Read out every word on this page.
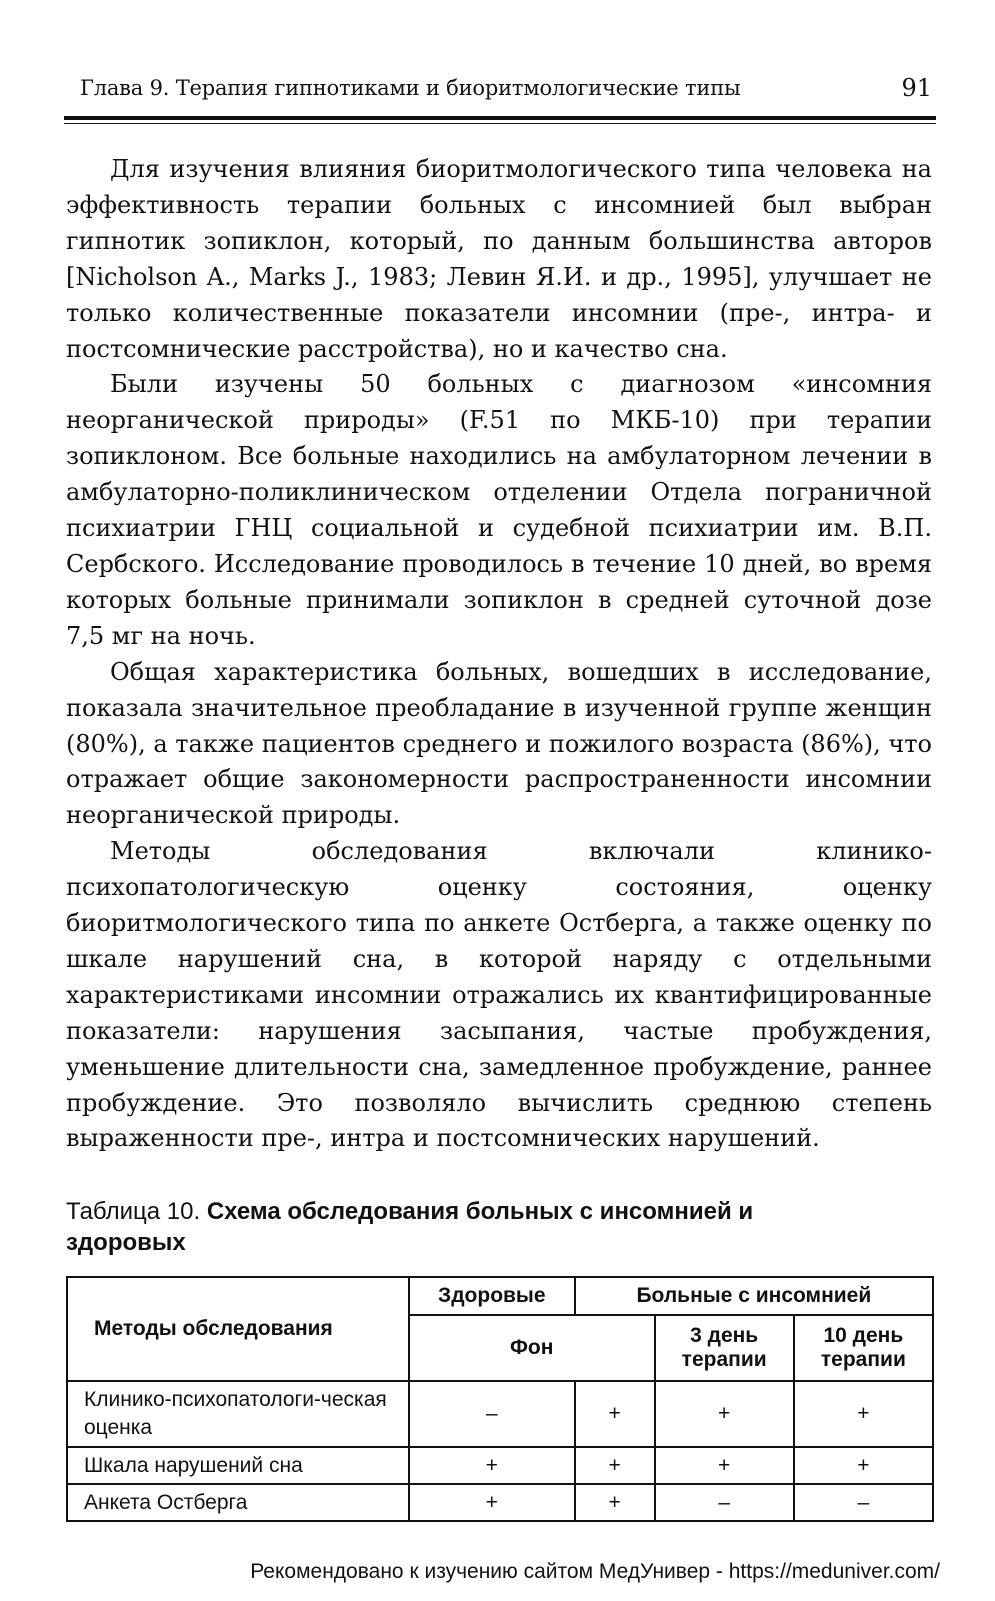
Глава 9. Терапия гипнотиками и биоритмологические типы	91

Для изучения влияния биоритмологического типа человека на эффективность терапии больных с инсомнией был выбран гипнотик зопиклон, который, по данным большинства авторов [Nicholson A., Marks J., 1983; Левин Я.И. и др., 1995], улучшает не только количественные показатели инсомнии (пре-, интра- и постсомнические расстройства), но и качество сна.

Были изучены 50 больных с диагнозом «инсомния неорганической природы» (F.51 по МКБ-10) при терапии зопиклоном. Все больные находились на амбулаторном лечении в амбулаторно-поликлиническом отделении Отдела пограничной психиатрии ГНЦ социальной и судебной психиатрии им. В.П. Сербского. Исследование проводилось в течение 10 дней, во время которых больные принимали зопиклон в средней суточной дозе 7,5 мг на ночь.

Общая характеристика больных, вошедших в исследование, показала значительное преобладание в изученной группе женщин (80%), а также пациентов среднего и пожилого возраста (86%), что отражает общие закономерности распространенности инсомнии неорганической природы.

Методы обследования включали клинико-психопатологическую оценку состояния, оценку биоритмологического типа по анкете Остберга, а также оценку по шкале нарушений сна, в которой наряду с отдельными характеристиками инсомнии отражались их квантифицированные показатели: нарушения засыпания, частые пробуждения, уменьшение длительности сна, замедленное пробуждение, раннее пробуждение. Это позволяло вычислить среднюю степень выраженности пре-, интра и постсомнических нарушений.

Таблица 10. Схема обследования больных с инсомнией и здоровых
Методы обследования	Здоровые	Больные с инсомнией		
	Фон		3 день терапии	10 день терапии
Клинико-психопатологи-ческая оценка	–	+	+	+
Шкала нарушений сна	+	+	+	+
Анкета Остберга	+	+	–	–
Рекомендовано к изучению сайтом МедУнивер - https://meduniver.com/
